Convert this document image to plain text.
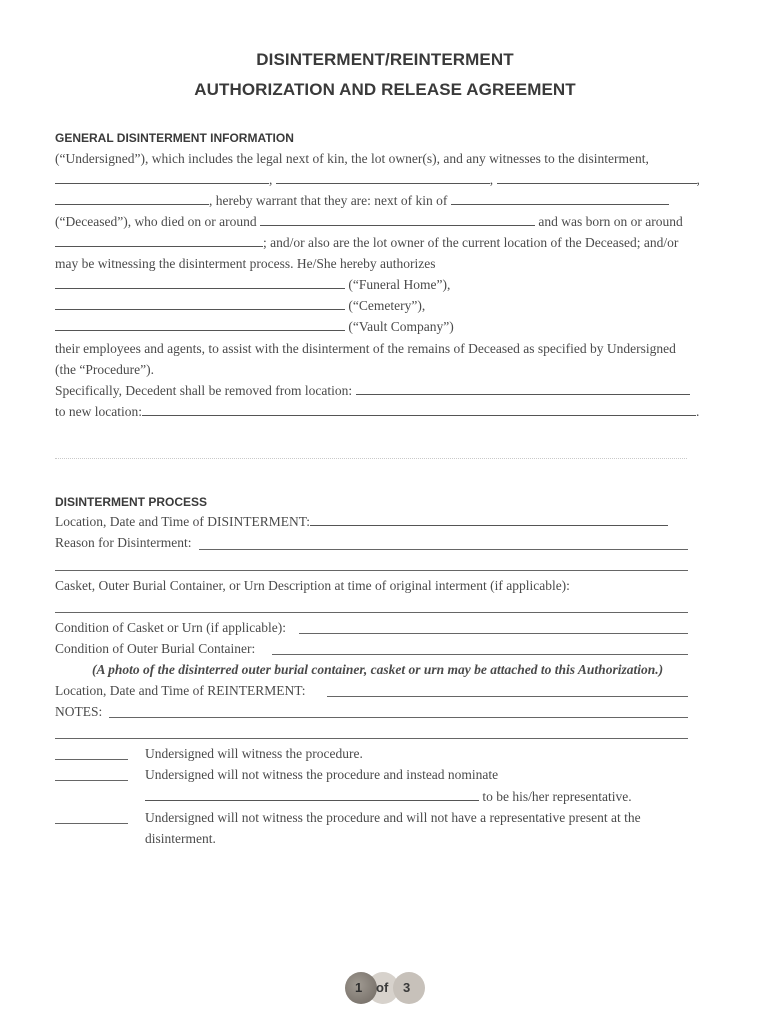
DISINTERMENT/REINTERMENT
AUTHORIZATION AND RELEASE AGREEMENT
GENERAL DISINTERMENT INFORMATION
(“Undersigned”), which includes the legal next of kin, the lot owner(s), and any witnesses to the disinterment,
,	,	,
, hereby warrant that they are: next of kin of
(“Deceased”), who died on or around	and was born on or around
; and/or also are the lot owner of the current location of the Deceased; and/or
may be witnessing the disinterment process. He/She hereby authorizes
(“Funeral Home”),
(“Cemetery”),
(“Vault Company”)
their employees and agents, to assist with the disinterment of the remains of Deceased as specified by Undersigned
(the “Procedure”).
Specifically, Decedent shall be removed from location:
to new location:	.
DISINTERMENT PROCESS
Location, Date and Time of DISINTERMENT:
Reason for Disinterment:
Casket, Outer Burial Container, or Urn Description at time of original interment (if applicable):
Condition of Casket or Urn (if applicable):
Condition of Outer Burial Container:
(A photo of the disinterred outer burial container, casket or urn may be attached to this Authorization.)
Location, Date and Time of REINTERMENT:
NOTES:
Undersigned will witness the procedure.
Undersigned will not witness the procedure and instead nominate
to be his/her representative.
Undersigned will not witness the procedure and will not have a representative present at the
disinterment.
1 of 3
